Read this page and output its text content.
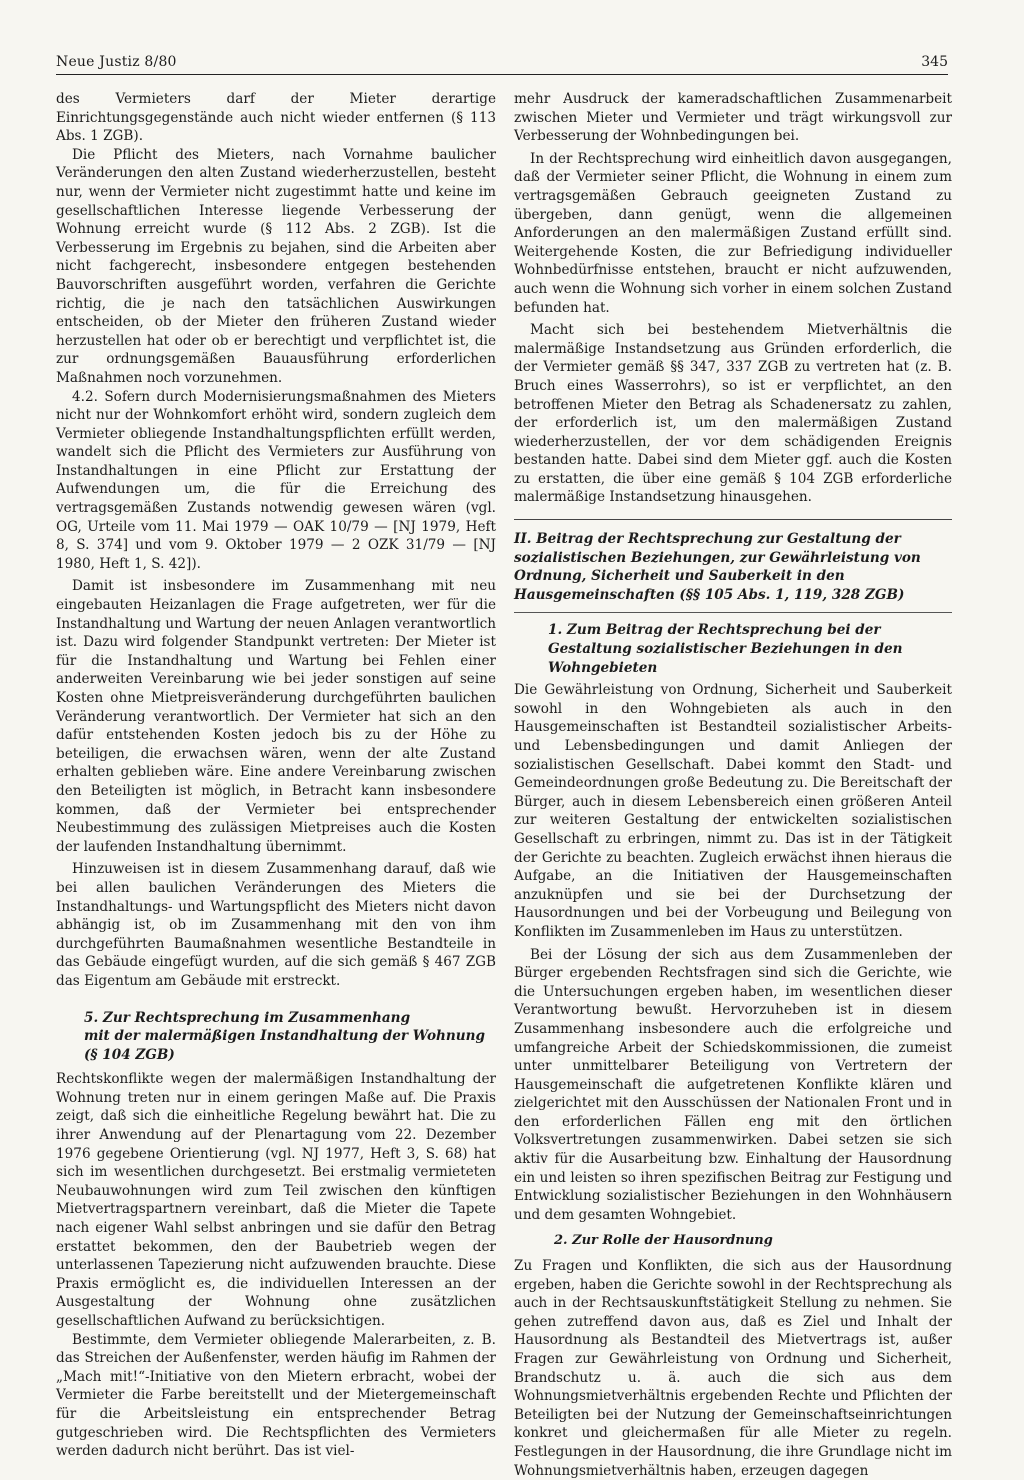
Neue Justiz 8/80	345

des Vermieters darf der Mieter derartige Einrichtungsgegenstände auch nicht wieder entfernen (§ 113 Abs. 1 ZGB).

Die Pflicht des Mieters, nach Vornahme baulicher Veränderungen den alten Zustand wiederherzustellen, besteht nur, wenn der Vermieter nicht zugestimmt hatte und keine im gesellschaftlichen Interesse liegende Verbesserung der Wohnung erreicht wurde (§ 112 Abs. 2 ZGB). Ist die Verbesserung im Ergebnis zu bejahen, sind die Arbeiten aber nicht fachgerecht, insbesondere entgegen bestehenden Bauvorschriften ausgeführt worden, verfahren die Gerichte richtig, die je nach den tatsächlichen Auswirkungen entscheiden, ob der Mieter den früheren Zustand wieder herzustellen hat oder ob er berechtigt und verpflichtet ist, die zur ordnungsgemäßen Bauausführung erforderlichen Maßnahmen noch vorzunehmen.

4.2. Sofern durch Modernisierungsmaßnahmen des Mieters nicht nur der Wohnkomfort erhöht wird, sondern zugleich dem Vermieter obliegende Instandhaltungspflichten erfüllt werden, wandelt sich die Pflicht des Vermieters zur Ausführung von Instandhaltungen in eine Pflicht zur Erstattung der Aufwendungen um, die für die Erreichung des vertragsgemäßen Zustands notwendig gewesen wären (vgl. OG, Urteile vom 11. Mai 1979 — OAK 10/79 — [NJ 1979, Heft 8, S. 374] und vom 9. Oktober 1979 — 2 OZK 31/79 — [NJ 1980, Heft 1, S. 42]).

Damit ist insbesondere im Zusammenhang mit neu eingebauten Heizanlagen die Frage aufgetreten, wer für die Instandhaltung und Wartung der neuen Anlagen verantwortlich ist. Dazu wird folgender Standpunkt vertreten: Der Mieter ist für die Instandhaltung und Wartung bei Fehlen einer anderweiten Vereinbarung wie bei jeder sonstigen auf seine Kosten ohne Mietpreisveränderung durchgeführten baulichen Veränderung verantwortlich. Der Vermieter hat sich an den dafür entstehenden Kosten jedoch bis zu der Höhe zu beteiligen, die erwachsen wären, wenn der alte Zustand erhalten geblieben wäre. Eine andere Vereinbarung zwischen den Beteiligten ist möglich, in Betracht kann insbesondere kommen, daß der Vermieter bei entsprechender Neubestimmung des zulässigen Mietpreises auch die Kosten der laufenden Instandhaltung übernimmt.

Hinzuweisen ist in diesem Zusammenhang darauf, daß wie bei allen baulichen Veränderungen des Mieters die Instandhaltungs- und Wartungspflicht des Mieters nicht davon abhängig ist, ob im Zusammenhang mit den von ihm durchgeführten Baumaßnahmen wesentliche Bestandteile in das Gebäude eingefügt wurden, auf die sich gemäß § 467 ZGB das Eigentum am Gebäude mit erstreckt.

5. Zur Rechtsprechung im Zusammenhang
mit der malermäßigen Instandhaltung der Wohnung (§ 104 ZGB)

Rechtskonflikte wegen der malermäßigen Instandhaltung der Wohnung treten nur in einem geringen Maße auf. Die Praxis zeigt, daß sich die einheitliche Regelung bewährt hat. Die zu ihrer Anwendung auf der Plenartagung vom 22. Dezember 1976 gegebene Orientierung (vgl. NJ 1977, Heft 3, S. 68) hat sich im wesentlichen durchgesetzt. Bei erstmalig vermieteten Neubauwohnungen wird zum Teil zwischen den künftigen Mietvertragspartnern vereinbart, daß die Mieter die Tapete nach eigener Wahl selbst anbringen und sie dafür den Betrag erstattet bekommen, den der Baubetrieb wegen der unterlassenen Tapezierung nicht aufzuwenden brauchte. Diese Praxis ermöglicht es, die individuellen Interessen an der Ausgestaltung der Wohnung ohne zusätzlichen gesellschaftlichen Aufwand zu berücksichtigen.

Bestimmte, dem Vermieter obliegende Malerarbeiten, z. B. das Streichen der Außenfenster, werden häufig im Rahmen der „Mach mit!“-Initiative von den Mietern erbracht, wobei der Vermieter die Farbe bereitstellt und der Mietergemeinschaft für die Arbeitsleistung ein entsprechender Betrag gutgeschrieben wird. Die Rechtspflichten des Vermieters werden dadurch nicht berührt. Das ist viel-

mehr Ausdruck der kameradschaftlichen Zusammenarbeit zwischen Mieter und Vermieter und trägt wirkungsvoll zur Verbesserung der Wohnbedingungen bei.

In der Rechtsprechung wird einheitlich davon ausgegangen, daß der Vermieter seiner Pflicht, die Wohnung in einem zum vertragsgemäßen Gebrauch geeigneten Zustand zu übergeben, dann genügt, wenn die allgemeinen Anforderungen an den malermäßigen Zustand erfüllt sind. Weitergehende Kosten, die zur Befriedigung individueller Wohnbedürfnisse entstehen, braucht er nicht aufzuwenden, auch wenn die Wohnung sich vorher in einem solchen Zustand befunden hat.

Macht sich bei bestehendem Mietverhältnis die malermäßige Instandsetzung aus Gründen erforderlich, die der Vermieter gemäß §§ 347, 337 ZGB zu vertreten hat (z. B. Bruch eines Wasserrohrs), so ist er verpflichtet, an den betroffenen Mieter den Betrag als Schadenersatz zu zahlen, der erforderlich ist, um den malermäßigen Zustand wiederherzustellen, der vor dem schädigenden Ereignis bestanden hatte. Dabei sind dem Mieter ggf. auch die Kosten zu erstatten, die über eine gemäß § 104 ZGB erforderliche malermäßige Instandsetzung hinausgehen.

II. Beitrag der Rechtsprechung zur Gestaltung der sozialistischen Beziehungen, zur Gewährleistung von Ordnung, Sicherheit und Sauberkeit in den Hausgemeinschaften (§§ 105 Abs. 1, 119, 328 ZGB)
1. Zum Beitrag der Rechtsprechung bei der Gestaltung sozialistischer Beziehungen in den Wohngebieten

Die Gewährleistung von Ordnung, Sicherheit und Sauberkeit sowohl in den Wohngebieten als auch in den Hausgemeinschaften ist Bestandteil sozialistischer Arbeits- und Lebensbedingungen und damit Anliegen der sozialistischen Gesellschaft. Dabei kommt den Stadt- und Gemeindeordnungen große Bedeutung zu. Die Bereitschaft der Bürger, auch in diesem Lebensbereich einen größeren Anteil zur weiteren Gestaltung der entwickelten sozialistischen Gesellschaft zu erbringen, nimmt zu. Das ist in der Tätigkeit der Gerichte zu beachten. Zugleich erwächst ihnen hieraus die Aufgabe, an die Initiativen der Hausgemeinschaften anzuknüpfen und sie bei der Durchsetzung der Hausordnungen und bei der Vorbeugung und Beilegung von Konflikten im Zusammenleben im Haus zu unterstützen.

Bei der Lösung der sich aus dem Zusammenleben der Bürger ergebenden Rechtsfragen sind sich die Gerichte, wie die Untersuchungen ergeben haben, im wesentlichen dieser Verantwortung bewußt. Hervorzuheben ist in diesem Zusammenhang insbesondere auch die erfolgreiche und umfangreiche Arbeit der Schiedskommissionen, die zumeist unter unmittelbarer Beteiligung von Vertretern der Hausgemeinschaft die aufgetretenen Konflikte klären und zielgerichtet mit den Ausschüssen der Nationalen Front und in den erforderlichen Fällen eng mit den örtlichen Volksvertretungen zusammenwirken. Dabei setzen sie sich aktiv für die Ausarbeitung bzw. Einhaltung der Hausordnung ein und leisten so ihren spezifischen Beitrag zur Festigung und Entwicklung sozialistischer Beziehungen in den Wohnhäusern und dem gesamten Wohngebiet.

2. Zur Rolle der Hausordnung

Zu Fragen und Konflikten, die sich aus der Hausordnung ergeben, haben die Gerichte sowohl in der Rechtsprechung als auch in der Rechtsauskunftstätigkeit Stellung zu nehmen. Sie gehen zutreffend davon aus, daß es Ziel und Inhalt der Hausordnung als Bestandteil des Mietvertrags ist, außer Fragen zur Gewährleistung von Ordnung und Sicherheit, Brandschutz u. ä. auch die sich aus dem Wohnungsmietverhältnis ergebenden Rechte und Pflichten der Beteiligten bei der Nutzung der Gemeinschaftseinrichtungen konkret und gleichermaßen für alle Mieter zu regeln. Festlegungen in der Hausordnung, die ihre Grundlage nicht im Wohnungsmietverhältnis haben, erzeugen dagegen
